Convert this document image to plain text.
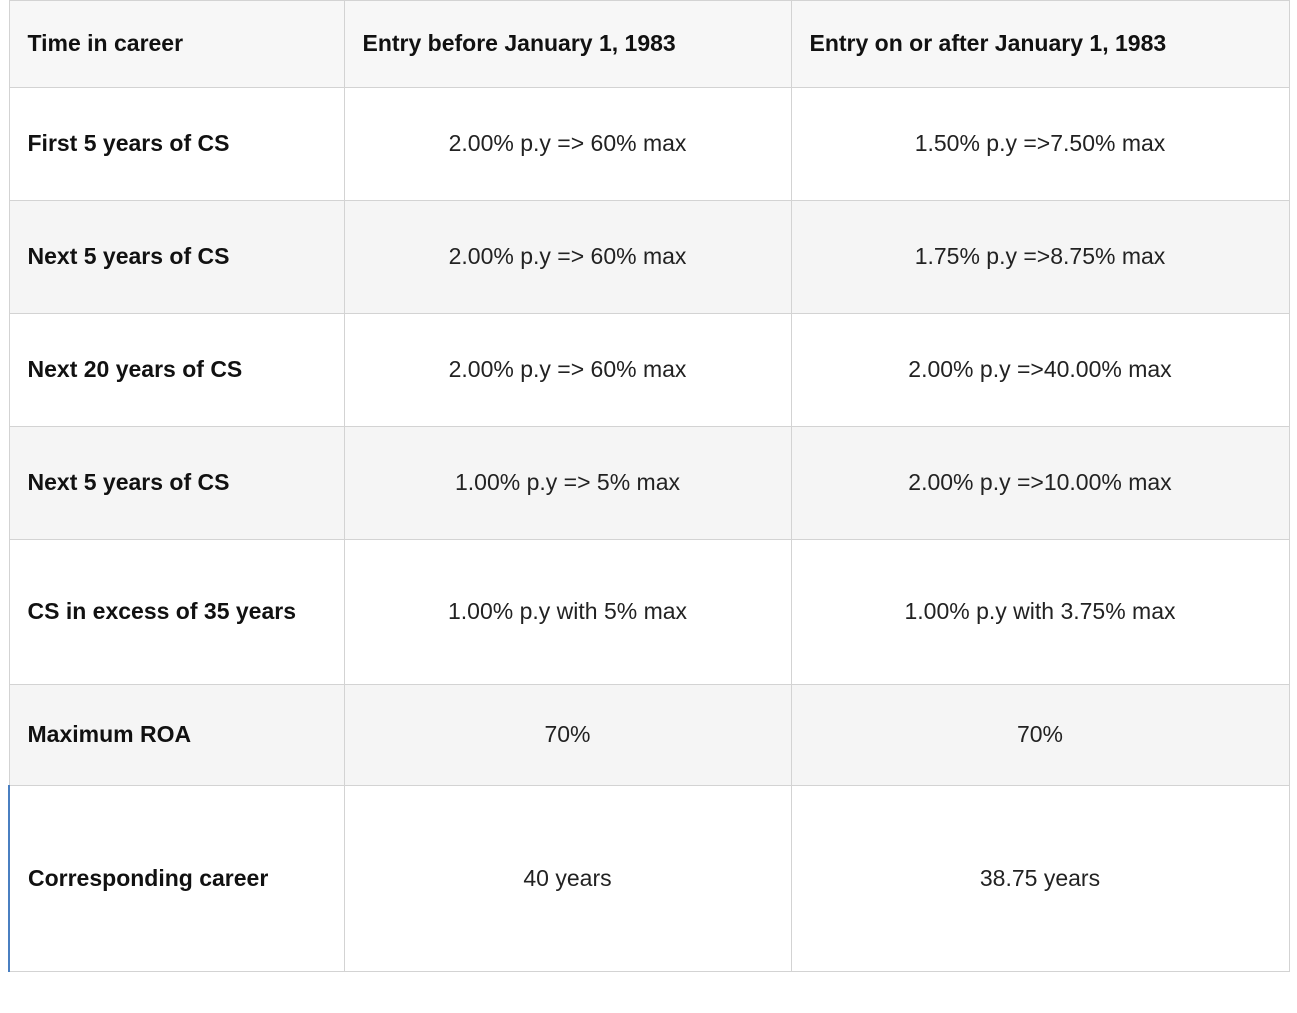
Time in career	Entry before January 1, 1983	Entry on or after January 1, 1983
First 5 years of CS	2.00% p.y => 60% max	1.50% p.y =>7.50% max
Next 5 years of CS	2.00% p.y => 60% max	1.75% p.y =>8.75% max
Next 20 years of CS	2.00% p.y => 60% max	2.00% p.y =>40.00% max
Next 5 years of CS	1.00% p.y => 5% max	2.00% p.y =>10.00% max
CS in excess of 35 years	1.00% p.y with 5% max	1.00% p.y with 3.75% max
Maximum ROA	70%	70%
Corresponding career	40 years	38.75 years
